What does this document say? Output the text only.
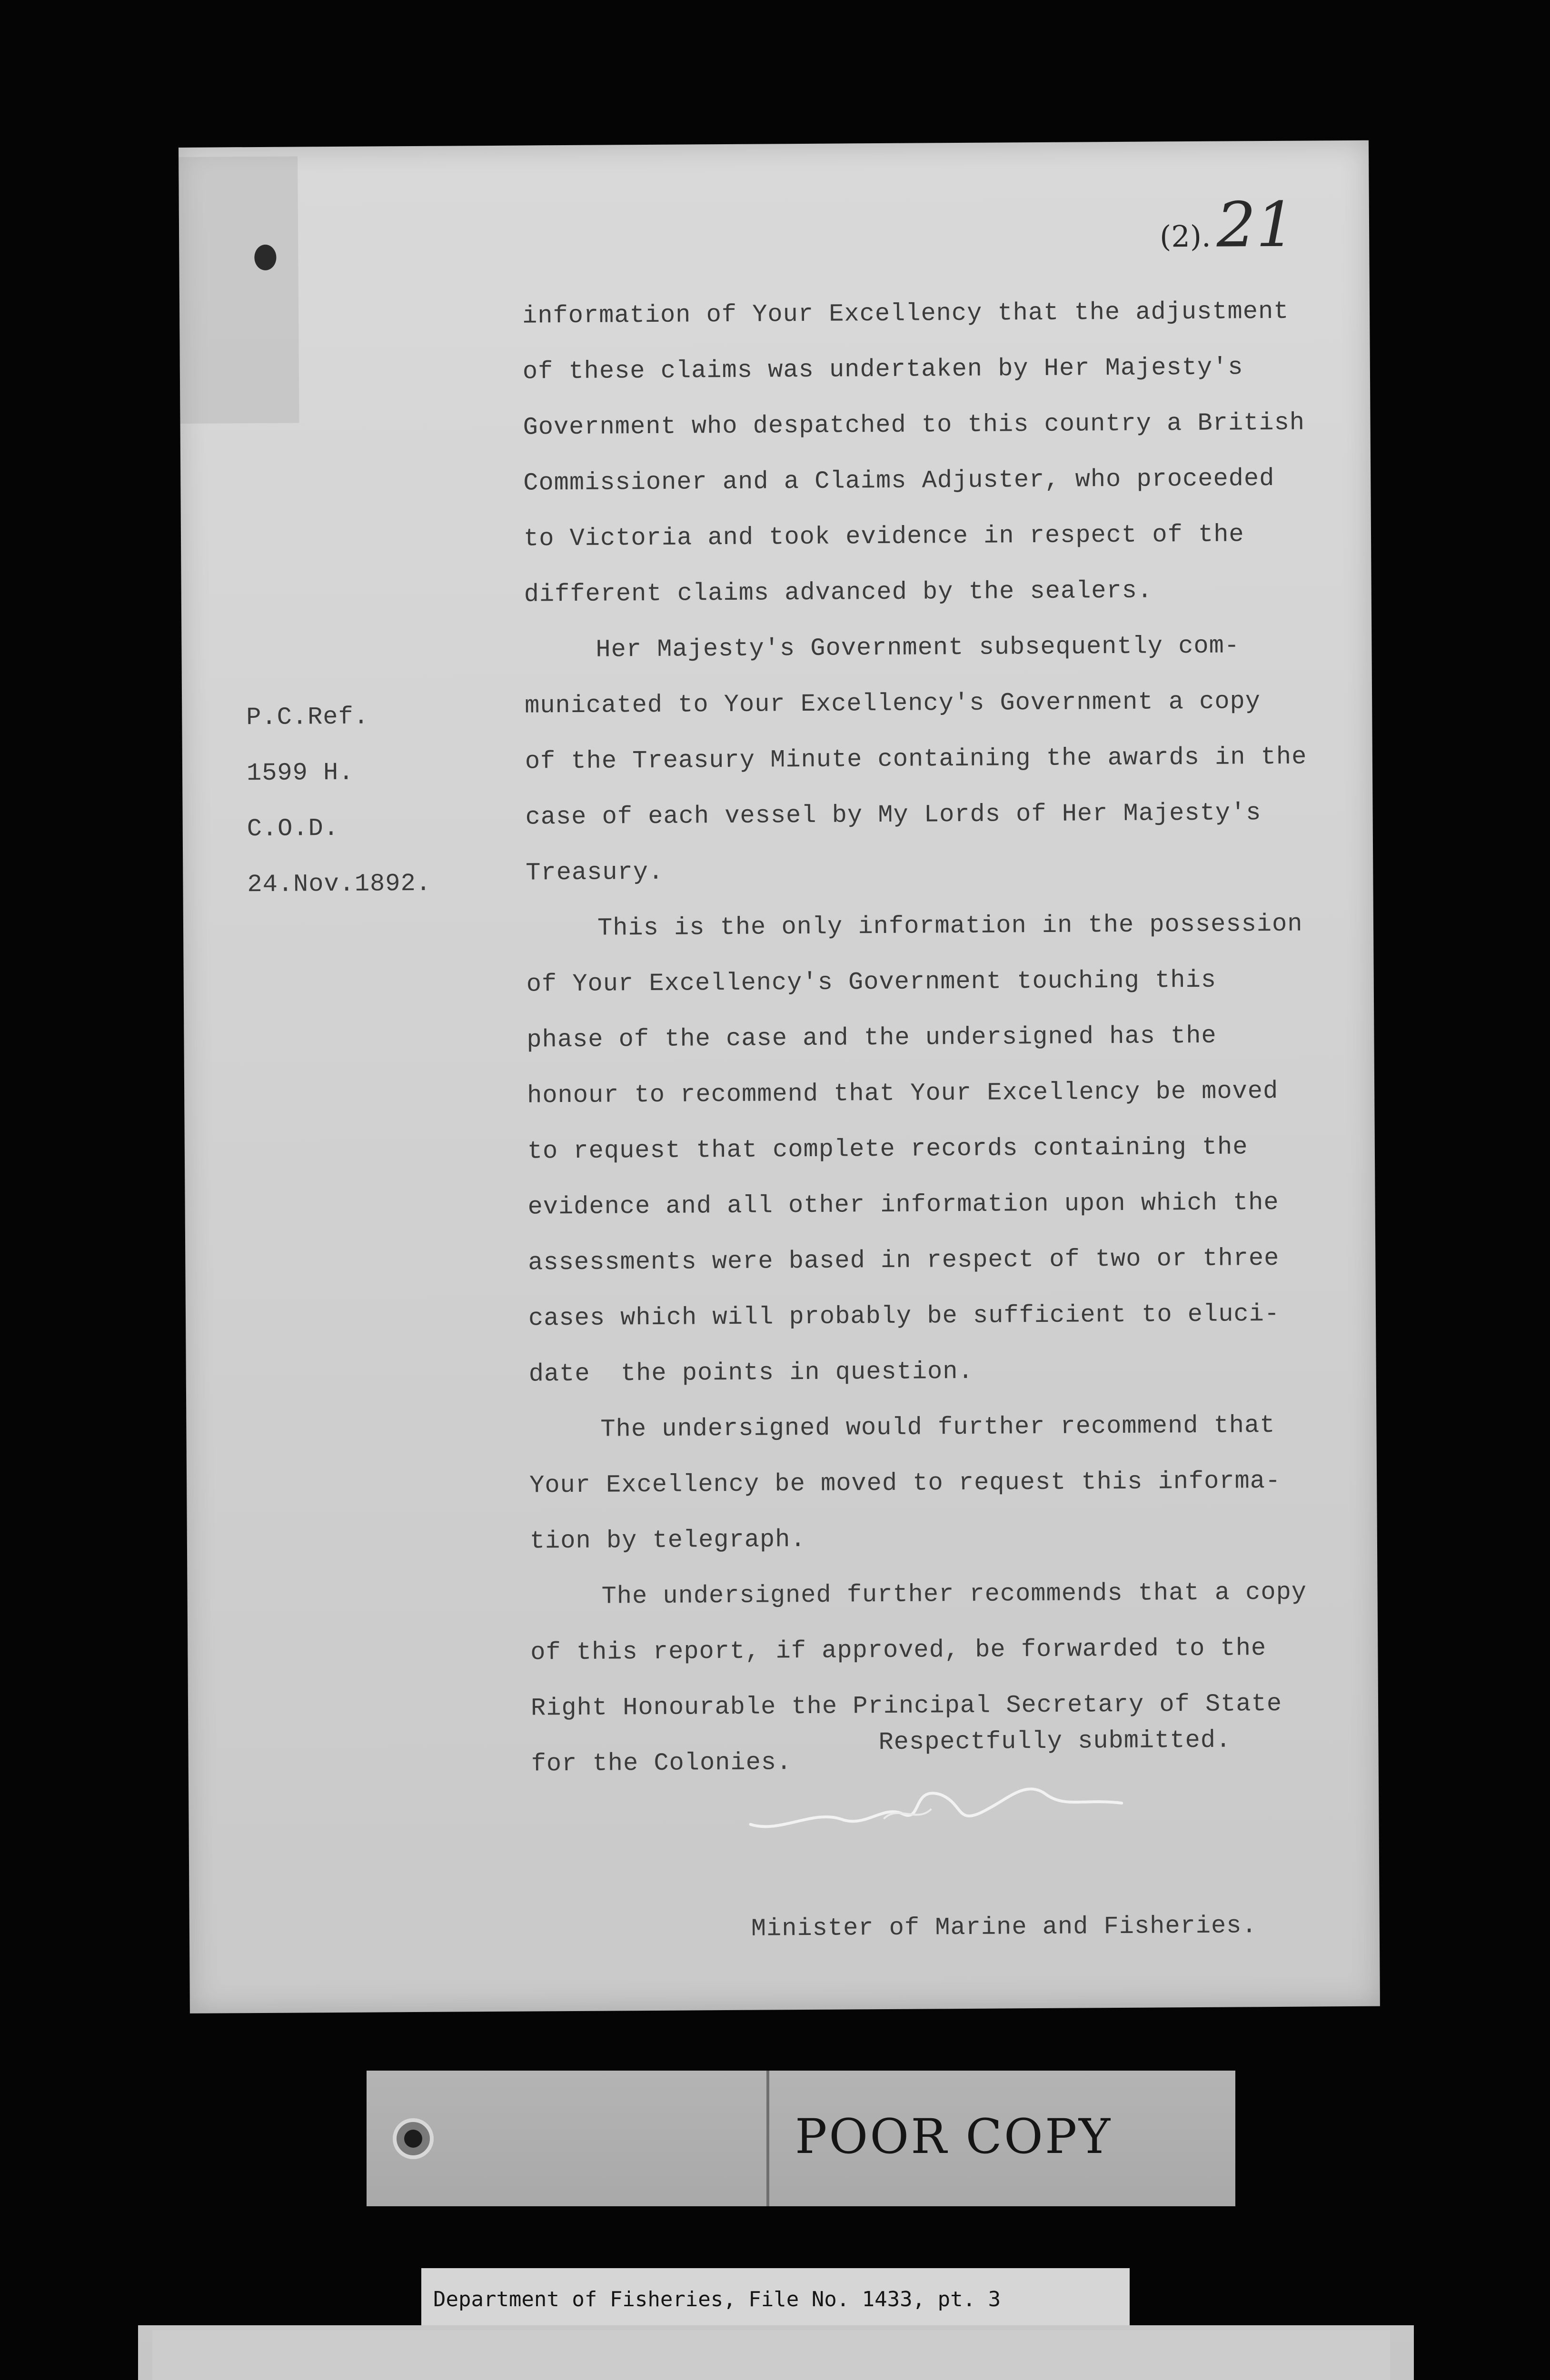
(2).21
P.C.Ref.
1599 H.
C.O.D.
24.Nov.1892.
information of Your Excellency that the adjustment
of these claims was undertaken by Her Majesty's
Government who despatched to this country a British
Commissioner and a Claims Adjuster, who proceeded
to Victoria and took evidence in respect of the
different claims advanced by the sealers.
Her Majesty's Government subsequently com-
municated to Your Excellency's Government a copy
of the Treasury Minute containing the awards in the
case of each vessel by My Lords of Her Majesty's
Treasury.
This is the only information in the possession
of Your Excellency's Government touching this
phase of the case and the undersigned has the
honour to recommend that Your Excellency be moved
to request that complete records containing the
evidence and all other information upon which the
assessments were based in respect of two or three
cases which will probably be sufficient to eluci-
date  the points in question.
The undersigned would further recommend that
Your Excellency be moved to request this informa-
tion by telegraph.
The undersigned further recommends that a copy
of this report, if approved, be forwarded to the
Right Honourable the Principal Secretary of State
for the Colonies.
Respectfully submitted.
Minister of Marine and Fisheries.
POOR COPY
Department of Fisheries, File No. 1433, pt. 3
